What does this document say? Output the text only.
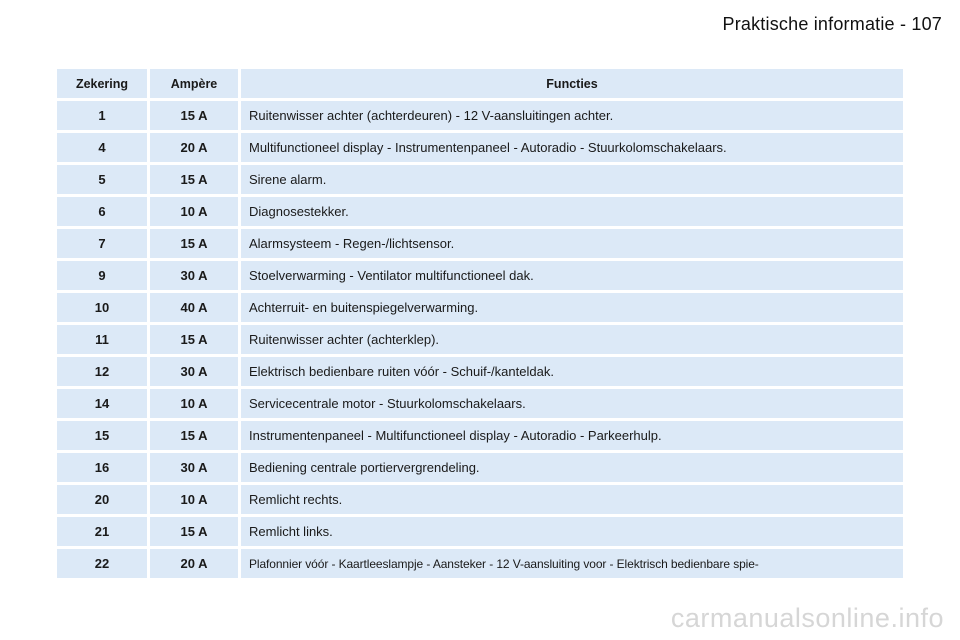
Praktische informatie - 107
Zekering	Ampère	Functies
1	15 A	Ruitenwisser achter (achterdeuren) - 12 V-aansluitingen achter.
4	20 A	Multifunctioneel display - Instrumentenpaneel - Autoradio - Stuurkolomschakelaars.
5	15 A	Sirene alarm.
6	10 A	Diagnosestekker.
7	15 A	Alarmsysteem - Regen-/lichtsensor.
9	30 A	Stoelverwarming - Ventilator multifunctioneel dak.
10	40 A	Achterruit- en buitenspiegelverwarming.
11	15 A	Ruitenwisser achter (achterklep).
12	30 A	Elektrisch bedienbare ruiten vóór - Schuif-/kanteldak.
14	10 A	Servicecentrale motor - Stuurkolomschakelaars.
15	15 A	Instrumentenpaneel - Multifunctioneel display - Autoradio - Parkeerhulp.
16	30 A	Bediening centrale portiervergrendeling.
20	10 A	Remlicht rechts.
21	15 A	Remlicht links.
22	20 A	Plafonnier vóór - Kaartleeslampje - Aansteker - 12 V-aansluiting voor - Elektrisch bedienbare spie-
carmanualsonline.info
